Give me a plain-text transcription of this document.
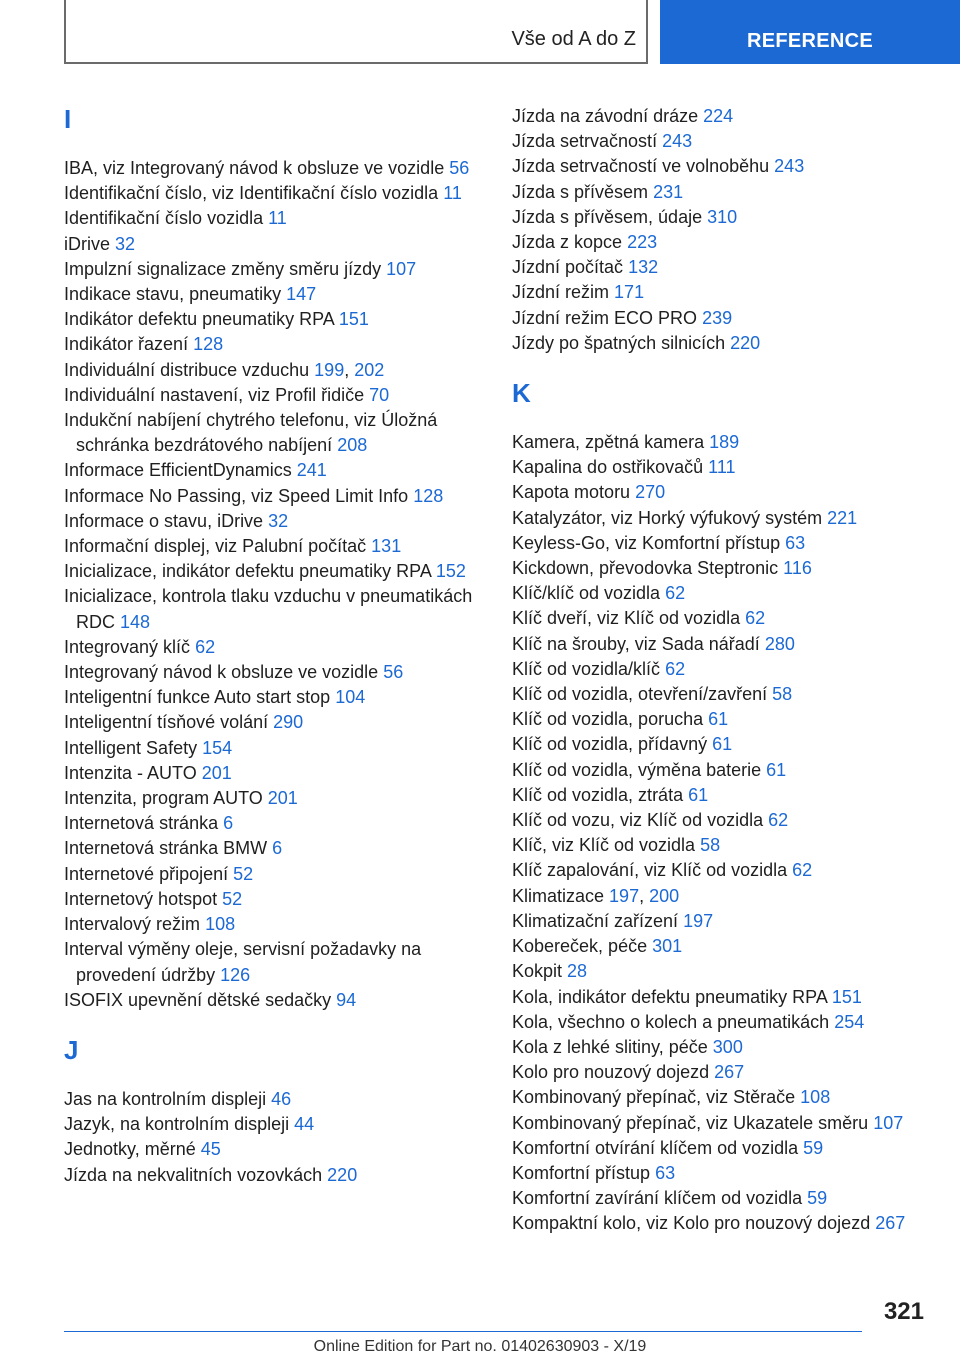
Vše od A do Z	REFERENCE
I
IBA, viz Integrovaný návod k obsluze ve vozidle 56
Identifikační číslo, viz Identifikační číslo vozidla 11
Identifikační číslo vozidla 11
iDrive 32
Impulzní signalizace změny směru jízdy 107
Indikace stavu, pneumatiky 147
Indikátor defektu pneumatiky RPA 151
Indikátor řazení 128
Individuální distribuce vzduchu 199, 202
Individuální nastavení, viz Profil řidiče 70
Indukční nabíjení chytrého telefonu, viz Úložná schránka bezdrátového nabíjení 208
Informace EfficientDynamics 241
Informace No Passing, viz Speed Limit Info 128
Informace o stavu, iDrive 32
Informační displej, viz Palubní počítač 131
Inicializace, indikátor defektu pneumatiky RPA 152
Inicializace, kontrola tlaku vzduchu v pneumatikách RDC 148
Integrovaný klíč 62
Integrovaný návod k obsluze ve vozidle 56
Inteligentní funkce Auto start stop 104
Inteligentní tísňové volání 290
Intelligent Safety 154
Intenzita - AUTO 201
Intenzita, program AUTO 201
Internetová stránka 6
Internetová stránka BMW 6
Internetové připojení 52
Internetový hotspot 52
Intervalový režim 108
Interval výměny oleje, servisní požadavky na provedení údržby 126
ISOFIX upevnění dětské sedačky 94
J
Jas na kontrolním displeji 46
Jazyk, na kontrolním displeji 44
Jednotky, měrné 45
Jízda na nekvalitních vozovkách 220
Jízda na závodní dráze 224
Jízda setrvačností 243
Jízda setrvačností ve volnoběhu 243
Jízda s přívěsem 231
Jízda s přívěsem, údaje 310
Jízda z kopce 223
Jízdní počítač 132
Jízdní režim 171
Jízdní režim ECO PRO 239
Jízdy po špatných silnicích 220
K
Kamera, zpětná kamera 189
Kapalina do ostřikovačů 111
Kapota motoru 270
Katalyzátor, viz Horký výfukový systém 221
Keyless-Go, viz Komfortní přístup 63
Kickdown, převodovka Steptronic 116
Klíč/klíč od vozidla 62
Klíč dveří, viz Klíč od vozidla 62
Klíč na šrouby, viz Sada nářadí 280
Klíč od vozidla/klíč 62
Klíč od vozidla, otevření/zavření 58
Klíč od vozidla, porucha 61
Klíč od vozidla, přídavný 61
Klíč od vozidla, výměna baterie 61
Klíč od vozidla, ztráta 61
Klíč od vozu, viz Klíč od vozidla 62
Klíč, viz Klíč od vozidla 58
Klíč zapalování, viz Klíč od vozidla 62
Klimatizace 197, 200
Klimatizační zařízení 197
Kobereček, péče 301
Kokpit 28
Kola, indikátor defektu pneumatiky RPA 151
Kola, všechno o kolech a pneumatikách 254
Kola z lehké slitiny, péče 300
Kolo pro nouzový dojezd 267
Kombinovaný přepínač, viz Stěrače 108
Kombinovaný přepínač, viz Ukazatele směru 107
Komfortní otvírání klíčem od vozidla 59
Komfortní přístup 63
Komfortní zavírání klíčem od vozidla 59
Kompaktní kolo, viz Kolo pro nouzový dojezd 267
321
Online Edition for Part no. 01402630903 - X/19
